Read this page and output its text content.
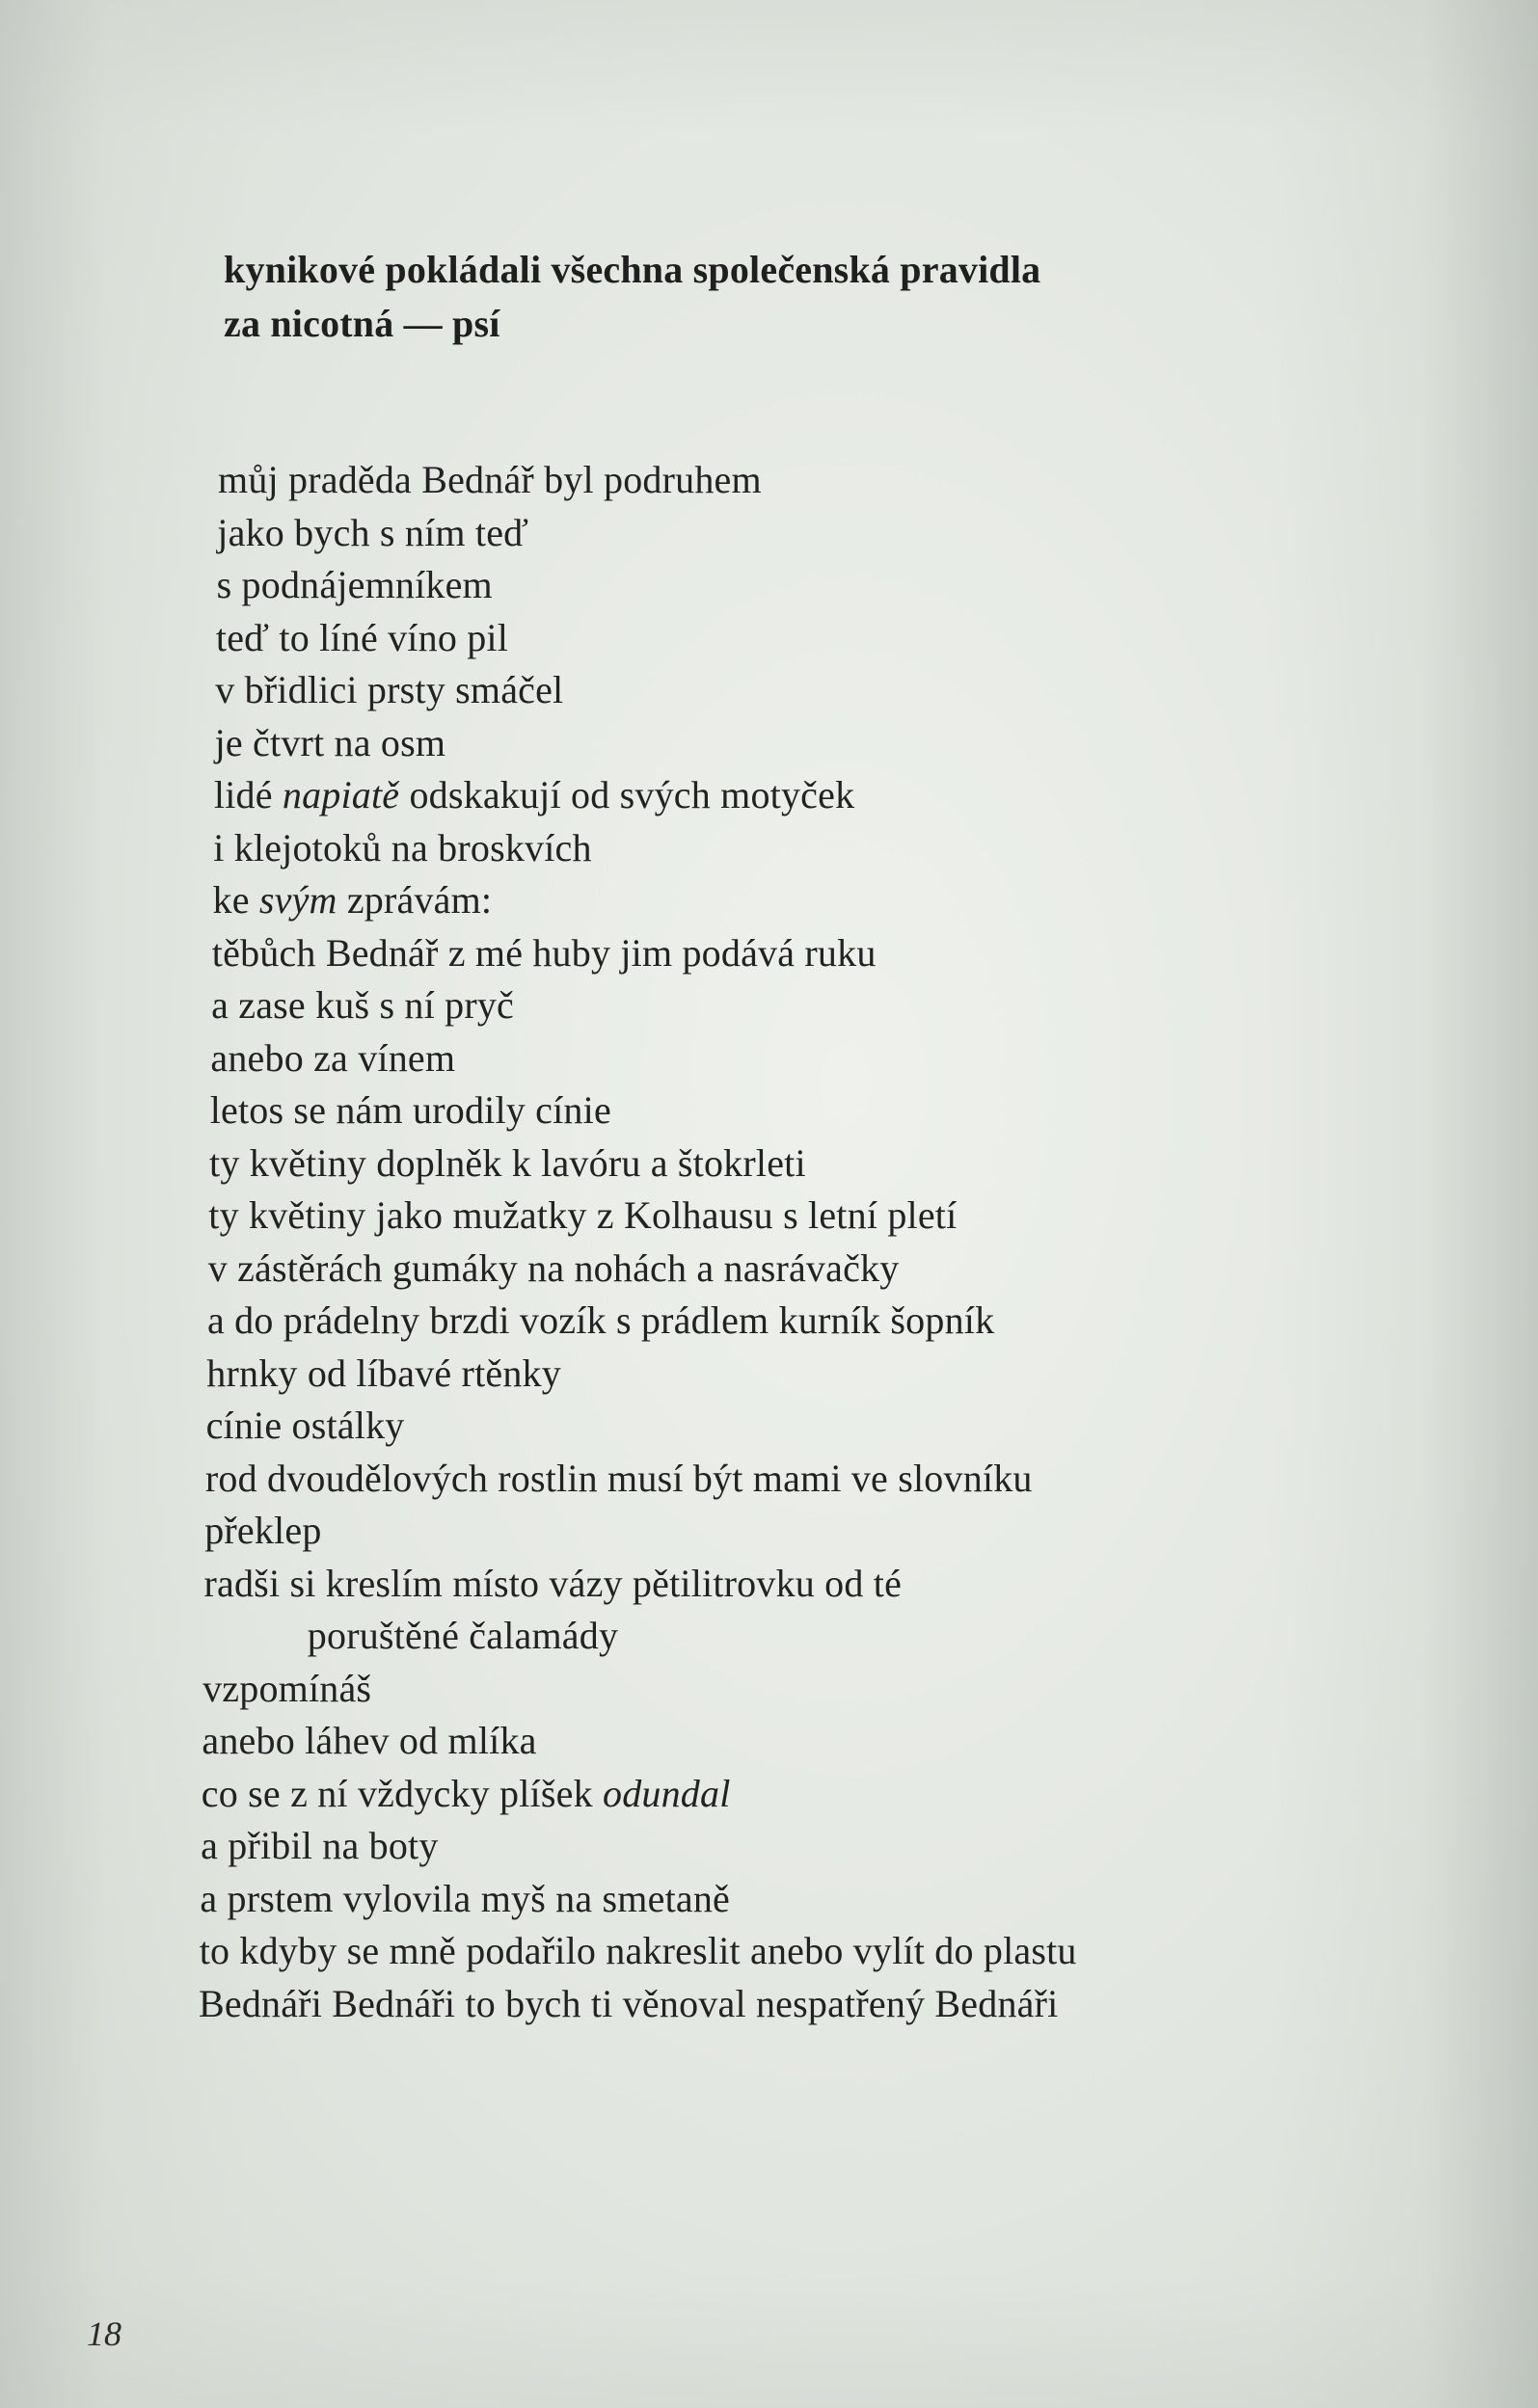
kynikové pokládali všechna společenská pravidla
za nicotná — psí
můj praděda Bednář byl podruhem
jako bych s ním teď
s podnájemníkem
teď to líné víno pil
v břidlici prsty smáčel
je čtvrt na osm
lidé napiatě odskakují od svých motyček
i klejotoků na broskvích
ke svým zprávám:
těbůch Bednář z mé huby jim podává ruku
a zase kuš s ní pryč
anebo za vínem
letos se nám urodily cínie
ty květiny doplněk k lavóru a štokrleti
ty květiny jako mužatky z Kolhausu s letní pletí
v zástěrách gumáky na nohách a nasrávačky
a do prádelny brzdi vozík s prádlem kurník šopník
hrnky od líbavé rtěnky
cínie ostálky
rod dvoudělových rostlin musí být mami ve slovníku
překlep
radši si kreslím místo vázy pětilitrovku od té
poruštěné čalamády
vzpomínáš
anebo láhev od mlíka
co se z ní vždycky plíšek odundal
a přibil na boty
a prstem vylovila myš na smetaně
to kdyby se mně podařilo nakreslit anebo vylít do plastu
Bednáři Bednáři to bych ti věnoval nespatřený Bednáři
18
